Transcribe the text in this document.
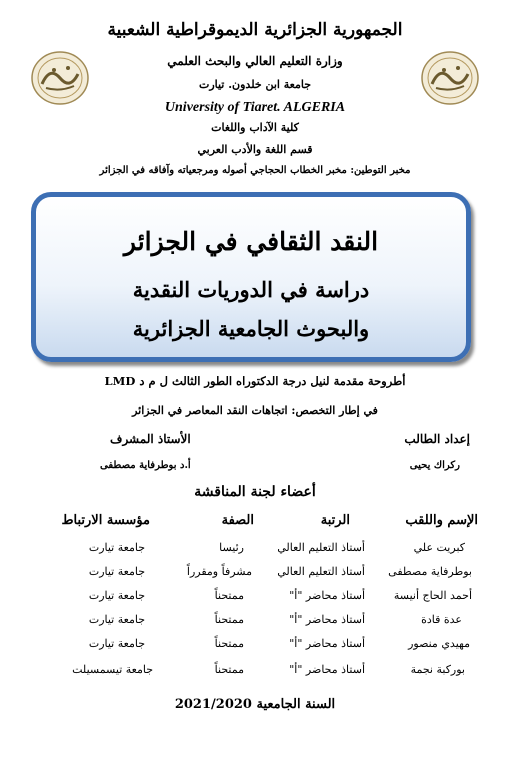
الجمهورية الجزائرية الديموقراطية الشعبية
وزارة التعليم العالي والبحث العلمي
جامعة ابن خلدون. تيارت
University of Tiaret. ALGERIA
كلية الآداب واللغات
قسم اللغة والأدب العربي
مخبر التوطين: مخبر الخطاب الحجاجي أصوله ومرجعياته وآفاقه في الجزائر
النقد الثقافي في الجزائر
دراسة في الدوريات النقدية
والبحوث الجامعية الجزائرية
أطروحة مقدمة لنيل درجة الدكتوراه الطور الثالث ل م د LMD
في إطار التخصص: اتجاهات النقد المعاصر في الجزائر
إعداد الطالب
الأستاذ المشرف
ركراك يحيى
أ.د بوطرفاية مصطفى
أعضاء لجنة المناقشة
الإسم واللقب
الرتبة
الصفة
مؤسسة الارتباط
كبريت علي
أستاذ التعليم العالي
رئيسا
جامعة تيارت
بوطرفاية مصطفى
أستاذ التعليم العالي
مشرفاً ومقرراً
جامعة تيارت
أحمد الحاج أنيسة
أستاذ محاضر "أ"
ممتحناً
جامعة تيارت
عدة قادة
أستاذ محاضر "أ"
ممتحناً
جامعة تيارت
مهيدي منصور
أستاذ محاضر "أ"
ممتحناً
جامعة تيارت
بوركبة نجمة
أستاذ محاضر "أ"
ممتحناً
جامعة تيسمسيلت
2021/2020 السنة الجامعية
